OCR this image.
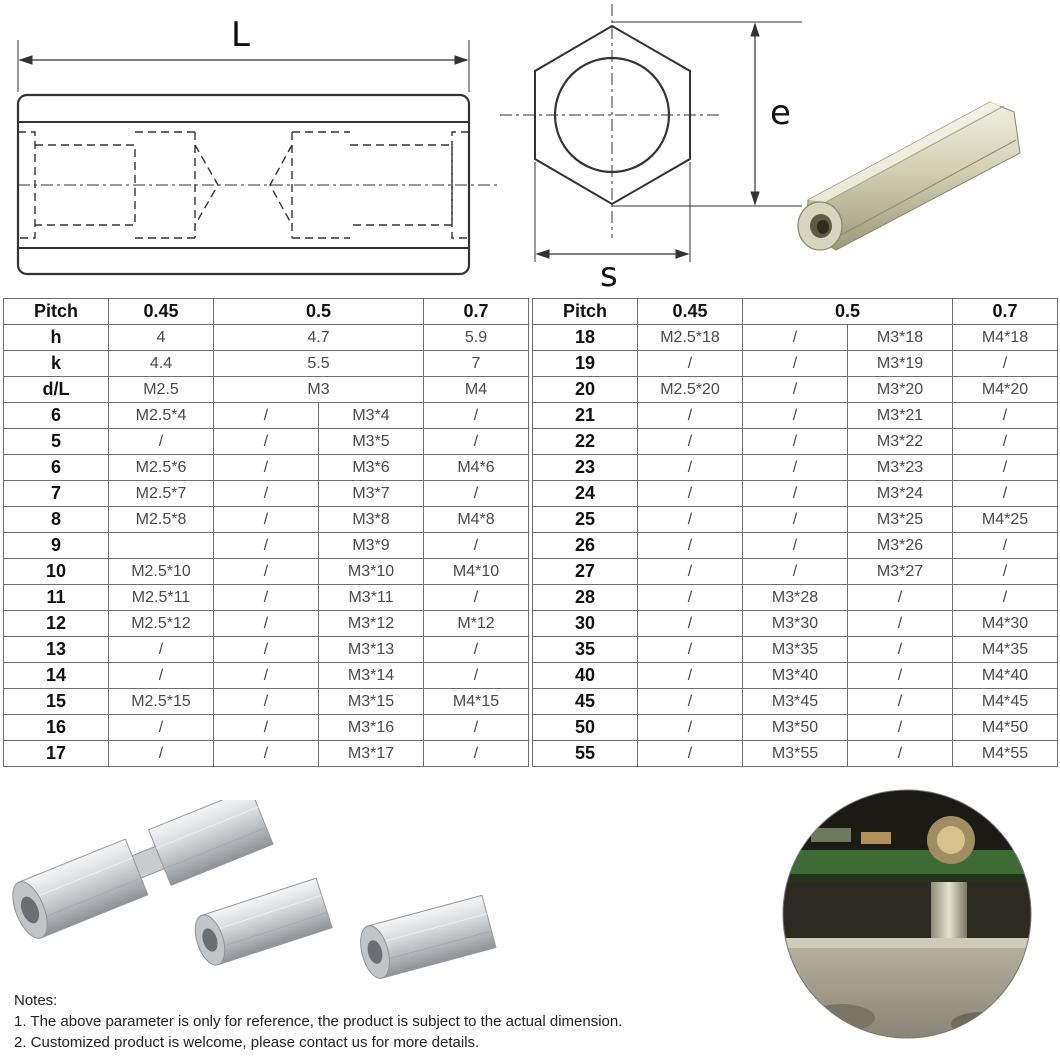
L
e
s
Pitch	0.45	0.5		0.7
h	4	4.7		5.9
k	4.4	5.5		7
d/L	M2.5	M3		M4
6	M2.5*4	/	M3*4	/
5	/	/	M3*5	/
6	M2.5*6	/	M3*6	M4*6
7	M2.5*7	/	M3*7	/
8	M2.5*8	/	M3*8	M4*8
9		/	M3*9	/
10	M2.5*10	/	M3*10	M4*10
11	M2.5*11	/	M3*11	/
12	M2.5*12	/	M3*12	M*12
13	/	/	M3*13	/
14	/	/	M3*14	/
15	M2.5*15	/	M3*15	M4*15
16	/	/	M3*16	/
17	/	/	M3*17	/
Pitch	0.45	0.5		0.7
18	M2.5*18	/	M3*18	M4*18
19	/	/	M3*19	/
20	M2.5*20	/	M3*20	M4*20
21	/	/	M3*21	/
22	/	/	M3*22	/
23	/	/	M3*23	/
24	/	/	M3*24	/
25	/	/	M3*25	M4*25
26	/	/	M3*26	/
27	/	/	M3*27	/
28	/	M3*28	/	/
30	/	M3*30	/	M4*30
35	/	M3*35	/	M4*35
40	/	M3*40	/	M4*40
45	/	M3*45	/	M4*45
50	/	M3*50	/	M4*50
55	/	M3*55	/	M4*55
Notes:
1. The above parameter is only for reference, the product is subject to the actual dimension.
2. Customized product is welcome, please contact us for more details.
